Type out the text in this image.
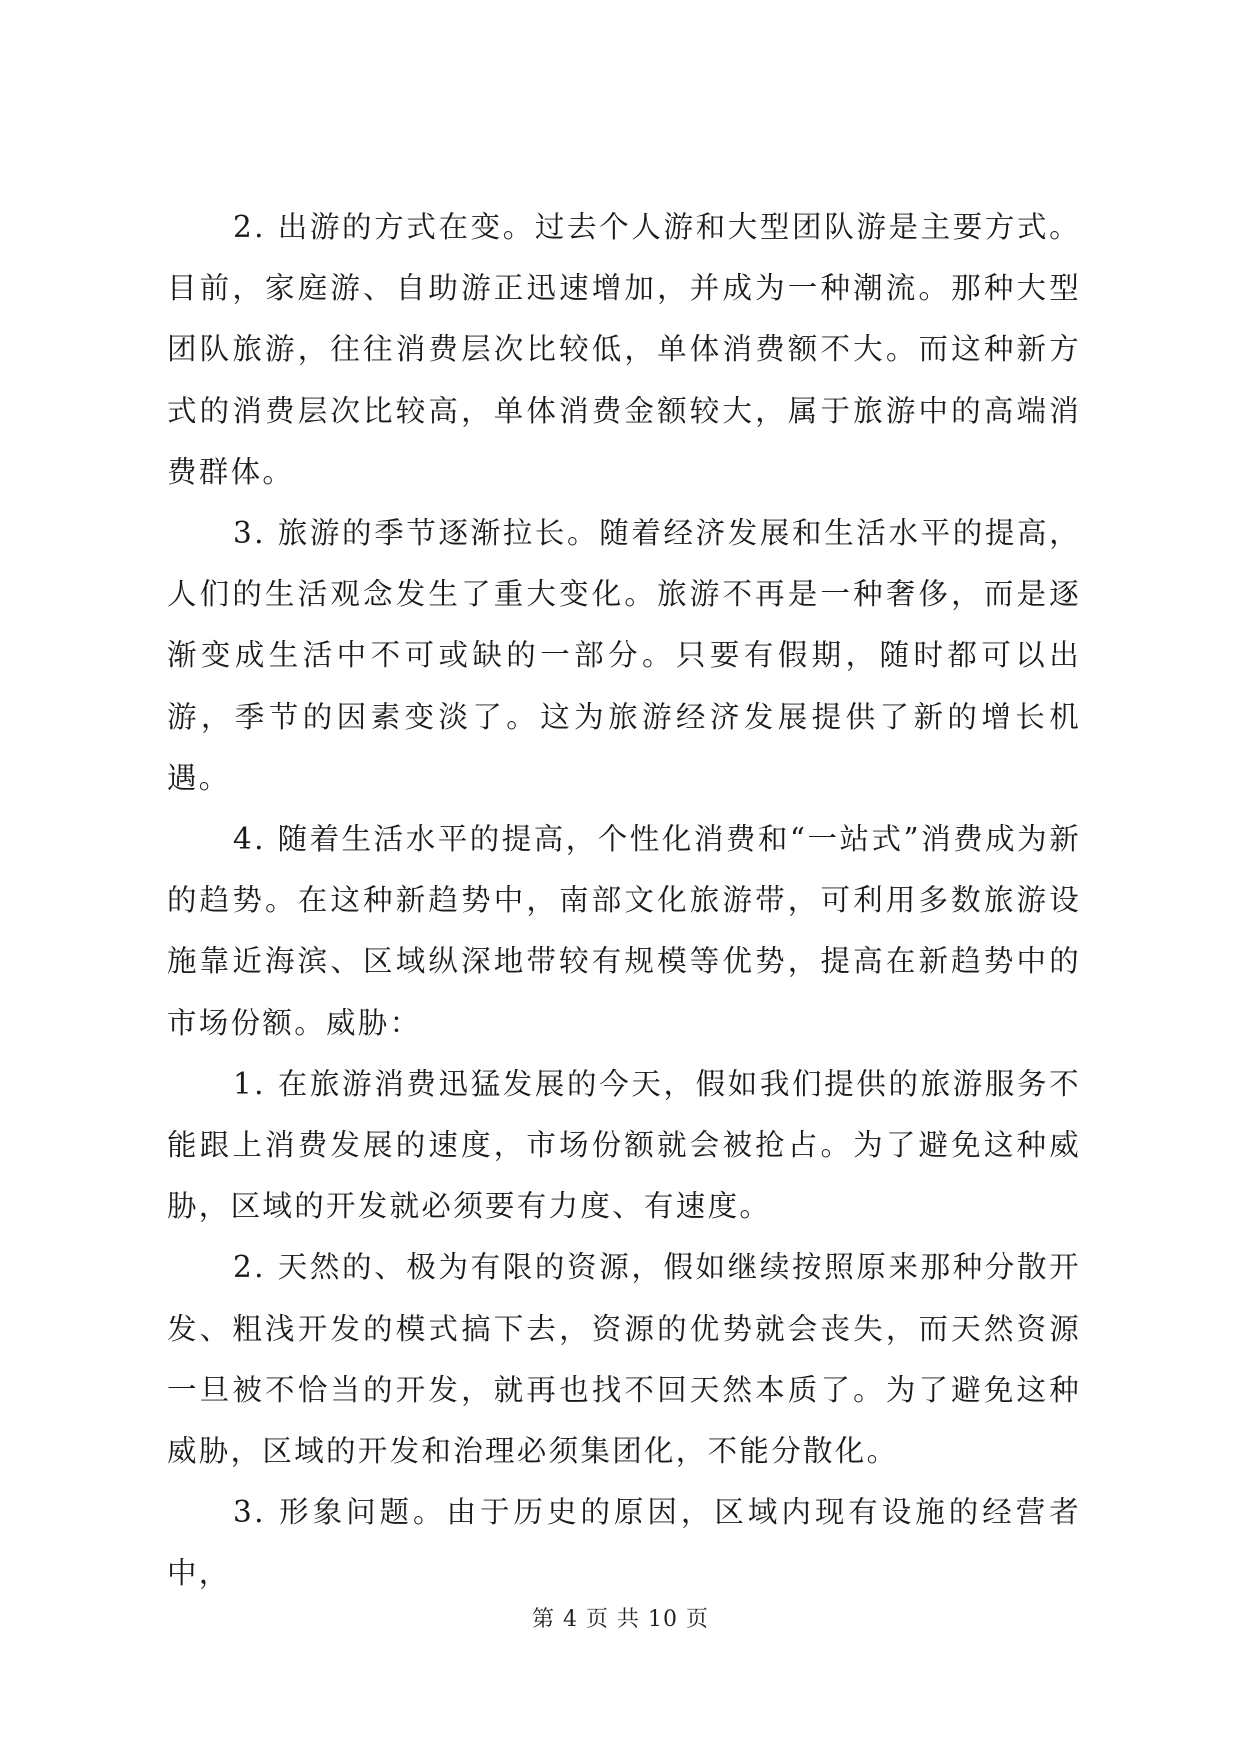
2. 出游的方式在变。过去个人游和大型团队游是主要方式。目前，家庭游、自助游正迅速增加，并成为一种潮流。那种大型团队旅游，往往消费层次比较低，单体消费额不大。而这种新方式的消费层次比较高，单体消费金额较大，属于旅游中的高端消费群体。

3. 旅游的季节逐渐拉长。随着经济发展和生活水平的提高，人们的生活观念发生了重大变化。旅游不再是一种奢侈，而是逐渐变成生活中不可或缺的一部分。只要有假期，随时都可以出游，季节的因素变淡了。这为旅游经济发展提供了新的增长机遇。

4. 随着生活水平的提高，个性化消费和“一站式”消费成为新的趋势。在这种新趋势中，南部文化旅游带，可利用多数旅游设施靠近海滨、区域纵深地带较有规模等优势，提高在新趋势中的市场份额。威胁：

1. 在旅游消费迅猛发展的今天，假如我们提供的旅游服务不能跟上消费发展的速度，市场份额就会被抢占。为了避免这种威胁，区域的开发就必须要有力度、有速度。

2. 天然的、极为有限的资源，假如继续按照原来那种分散开发、粗浅开发的模式搞下去，资源的优势就会丧失，而天然资源一旦被不恰当的开发，就再也找不回天然本质了。为了避免这种威胁，区域的开发和治理必须集团化，不能分散化。

3. 形象问题。由于历史的原因，区域内现有设施的经营者中，

第 4 页 共 10 页
